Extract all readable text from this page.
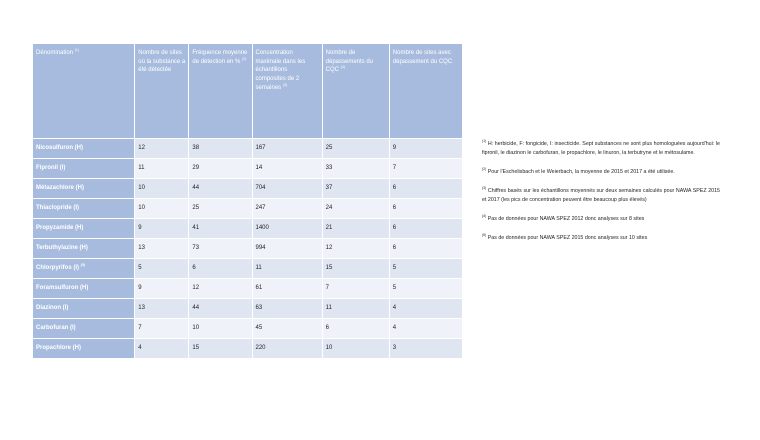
Dénomination $^{(1)}$	Nombre de sites où la substance a été détectée	Fréquence moyenne de détection en % $^{(2)}$	Concentration maximale dans les échantillons composites de 2 semaines $^{(3)}$	Nombre de dépassements du CQC $^{(4)}$	Nombre de sites avec dépassement du CQC
Nicosulfuron (H)	12	38	167	25	9
Fipronil (I)	11	29	14	33	7
Métazachlore (H)	10	44	704	37	6
Thiaclopride (I)	10	25	247	24	6
Propyzamide (H)	9	41	1400	21	6
Terbuthylazine (H)	13	73	994	12	6
Chlorpyrifos (I) $^{(5)}$	5	6	11	15	5
Foramsulfuron (H)	9	12	61	7	5
Diazinon (I)	13	44	63	11	4
Carbofuran (I)	7	10	45	6	4
Propachlore (H)	4	15	220	10	3

$^{(1)}$ H: herbicide, F: fongicide, I: insecticide. Sept substances ne sont plus homologuées aujourd'hui: le fipronil, le diazinon le carbofuran, le propachlore, le linuron, la terbutryne et le métosulame.

$^{(2)}$ Pour l'Eschelisbach et le Weierbach, la moyenne de 2015 et 2017 a été utilisée.

$^{(3)}$ Chiffres basés sur les échantillons moyennés sur deux semaines calculés pour NAWA SPEZ 2015 et 2017 (les pics de concentration peuvent être beaucoup plus élevés)

$^{(4)}$ Pas de données pour NAWA SPEZ 2012 donc analyses sur 8 sites

$^{(5)}$ Pas de données pour NAWA SPEZ 2015 donc analyses sur 10 sites
